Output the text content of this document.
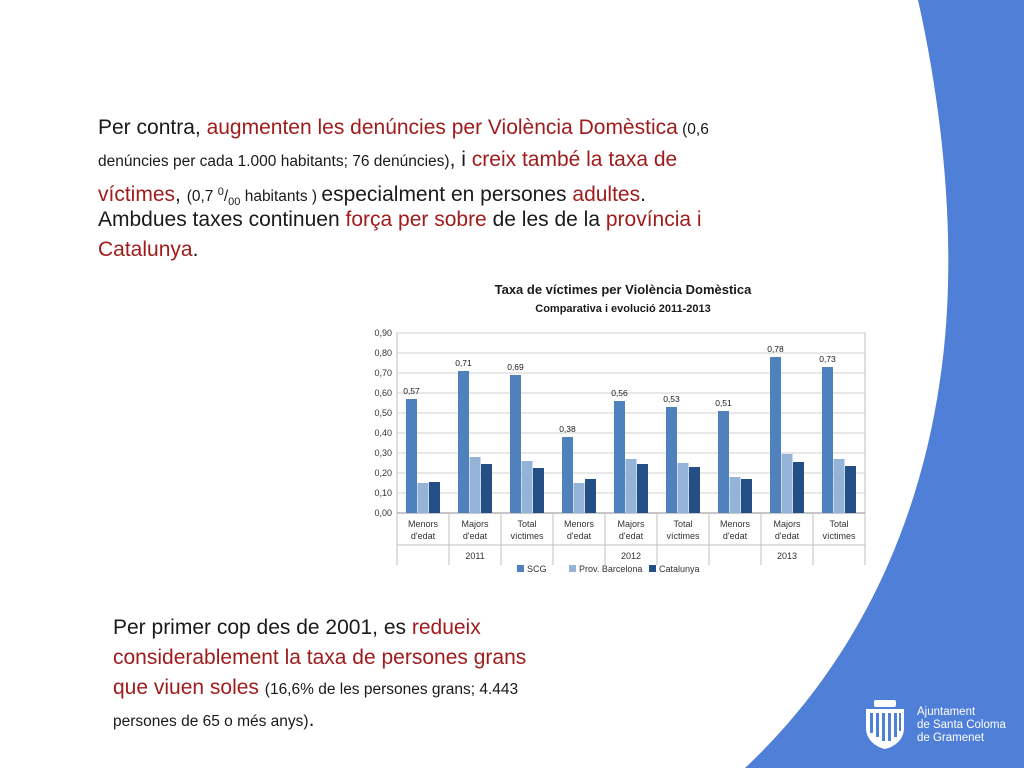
Per contra, augmenten les denúncies per Violència Domèstica (0,6 denúncies per cada 1.000 habitants; 76 denúncies), i creix també la taxa de víctimes, (0,7 $^0/_{00}$ habitants ) especialment en persones adultes.

Ambdues taxes continuen força per sobre de les de la província i Catalunya.

Taxa de víctimes per Violència Domèstica
Comparativa i evolució 2011-2013
0,00
0,10
0,20
0,30
0,40
0,50
0,60
0,70
0,80
0,90
0,57
Menors
d'edat
0,71
Majors
d'edat
0,69
Total
víctimes
0,38
Menors
d'edat
0,56
Majors
d'edat
0,53
Total
víctimes
0,51
Menors
d'edat
0,78
Majors
d'edat
0,73
Total
víctimes
2011	2012	2013
SCG	Prov. Barcelona Catalunya

Per primer cop des de 2001, es redueix considerablement la taxa de persones grans que viuen soles (16,6% de les persones grans; 4.443 persones de 65 o més anys).	Ajuntament
de Santa Coloma
de Gramenet
